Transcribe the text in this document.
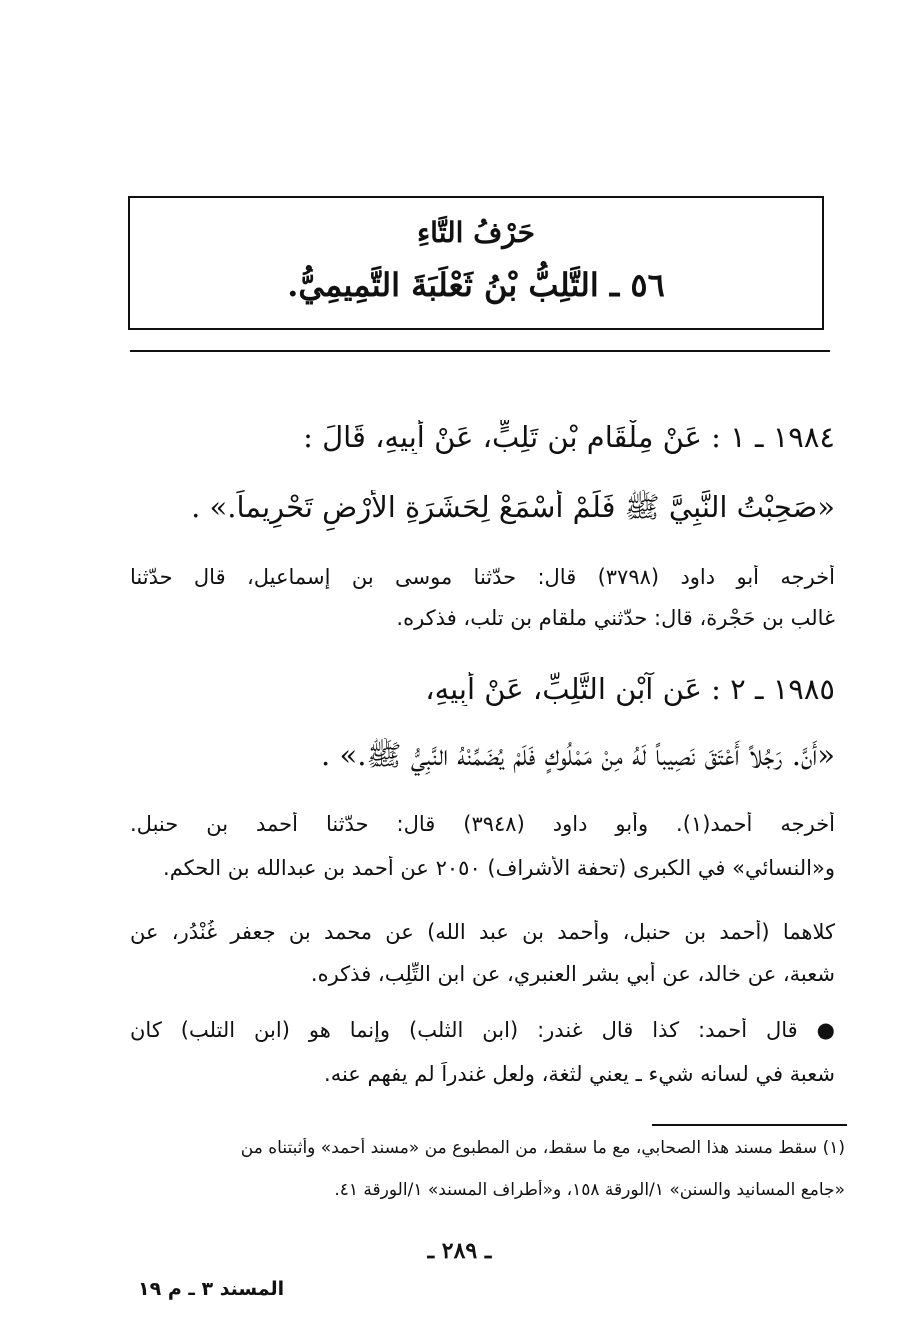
حَرْفُ التَّاءِ
٥٦ ـ التَّلِبُّ بْنُ ثَعْلَبَةَ التَّمِيمِيُّ.
١٩٨٤ ـ ١ : عَنْ مِلْقَامِ بْنِ تَلِبٍّ، عَنْ أَبِيهِ، قَالَ :
«صَحِبْتُ النَّبِيَّ ﷺ فَلَمْ أَسْمَعْ لِحَشَرَةِ الأَرْضِ تَحْرِيماً.» .
أخرجه أبو داود (٣٧٩٨) قال: حدّثنا موسى بن إسماعيل، قال حدّثنا
غالب بن حَجْرة، قال: حدّثني ملقام بن تلب، فذكره.
١٩٨٥ ـ ٢ : عَنِ آبْنِ التَّلِبِّ، عَنْ أَبِيهِ،
«أَنَّ. رَجُلاً أَعْتَقَ نَصِيباً لَهُ مِنْ مَمْلُوكٍ فَلَمْ يُضَمِّنْهُ النَّبِيُّ ﷺ.» .
أخرجه أحمد(١). وأبو داود (٣٩٤٨) قال: حدّثنا أحمد بن حنبل.
و«النسائي» في الكبرى (تحفة الأشراف) ٢٠٥٠ عن أحمد بن عبدالله بن الحكم.
كلاهما (أحمد بن حنبل، وأحمد بن عبد الله) عن محمد بن جعفر غُنْدُر، عن
شعبة، عن خالد، عن أبي بشر العنبري، عن ابن التِّلِب، فذكره.
● قال أحمد: كذا قال غندر: (ابن الثلب) وإنما هو (ابن التلب) كان
شعبة في لسانه شيء ـ يعني لثغة، ولعل غندراً لم يفهم عنه.
(١) سقط مسند هذا الصحابي، مع ما سقط، من المطبوع من «مسند أحمد» وأثبتناه من
«جامع المسانيد والسنن» ١/الورقة ١٥٨، و«أطراف المسند» ١/الورقة ٤١.
ـ ٢٨٩ ـ
المسند ٣ ـ م ١٩
